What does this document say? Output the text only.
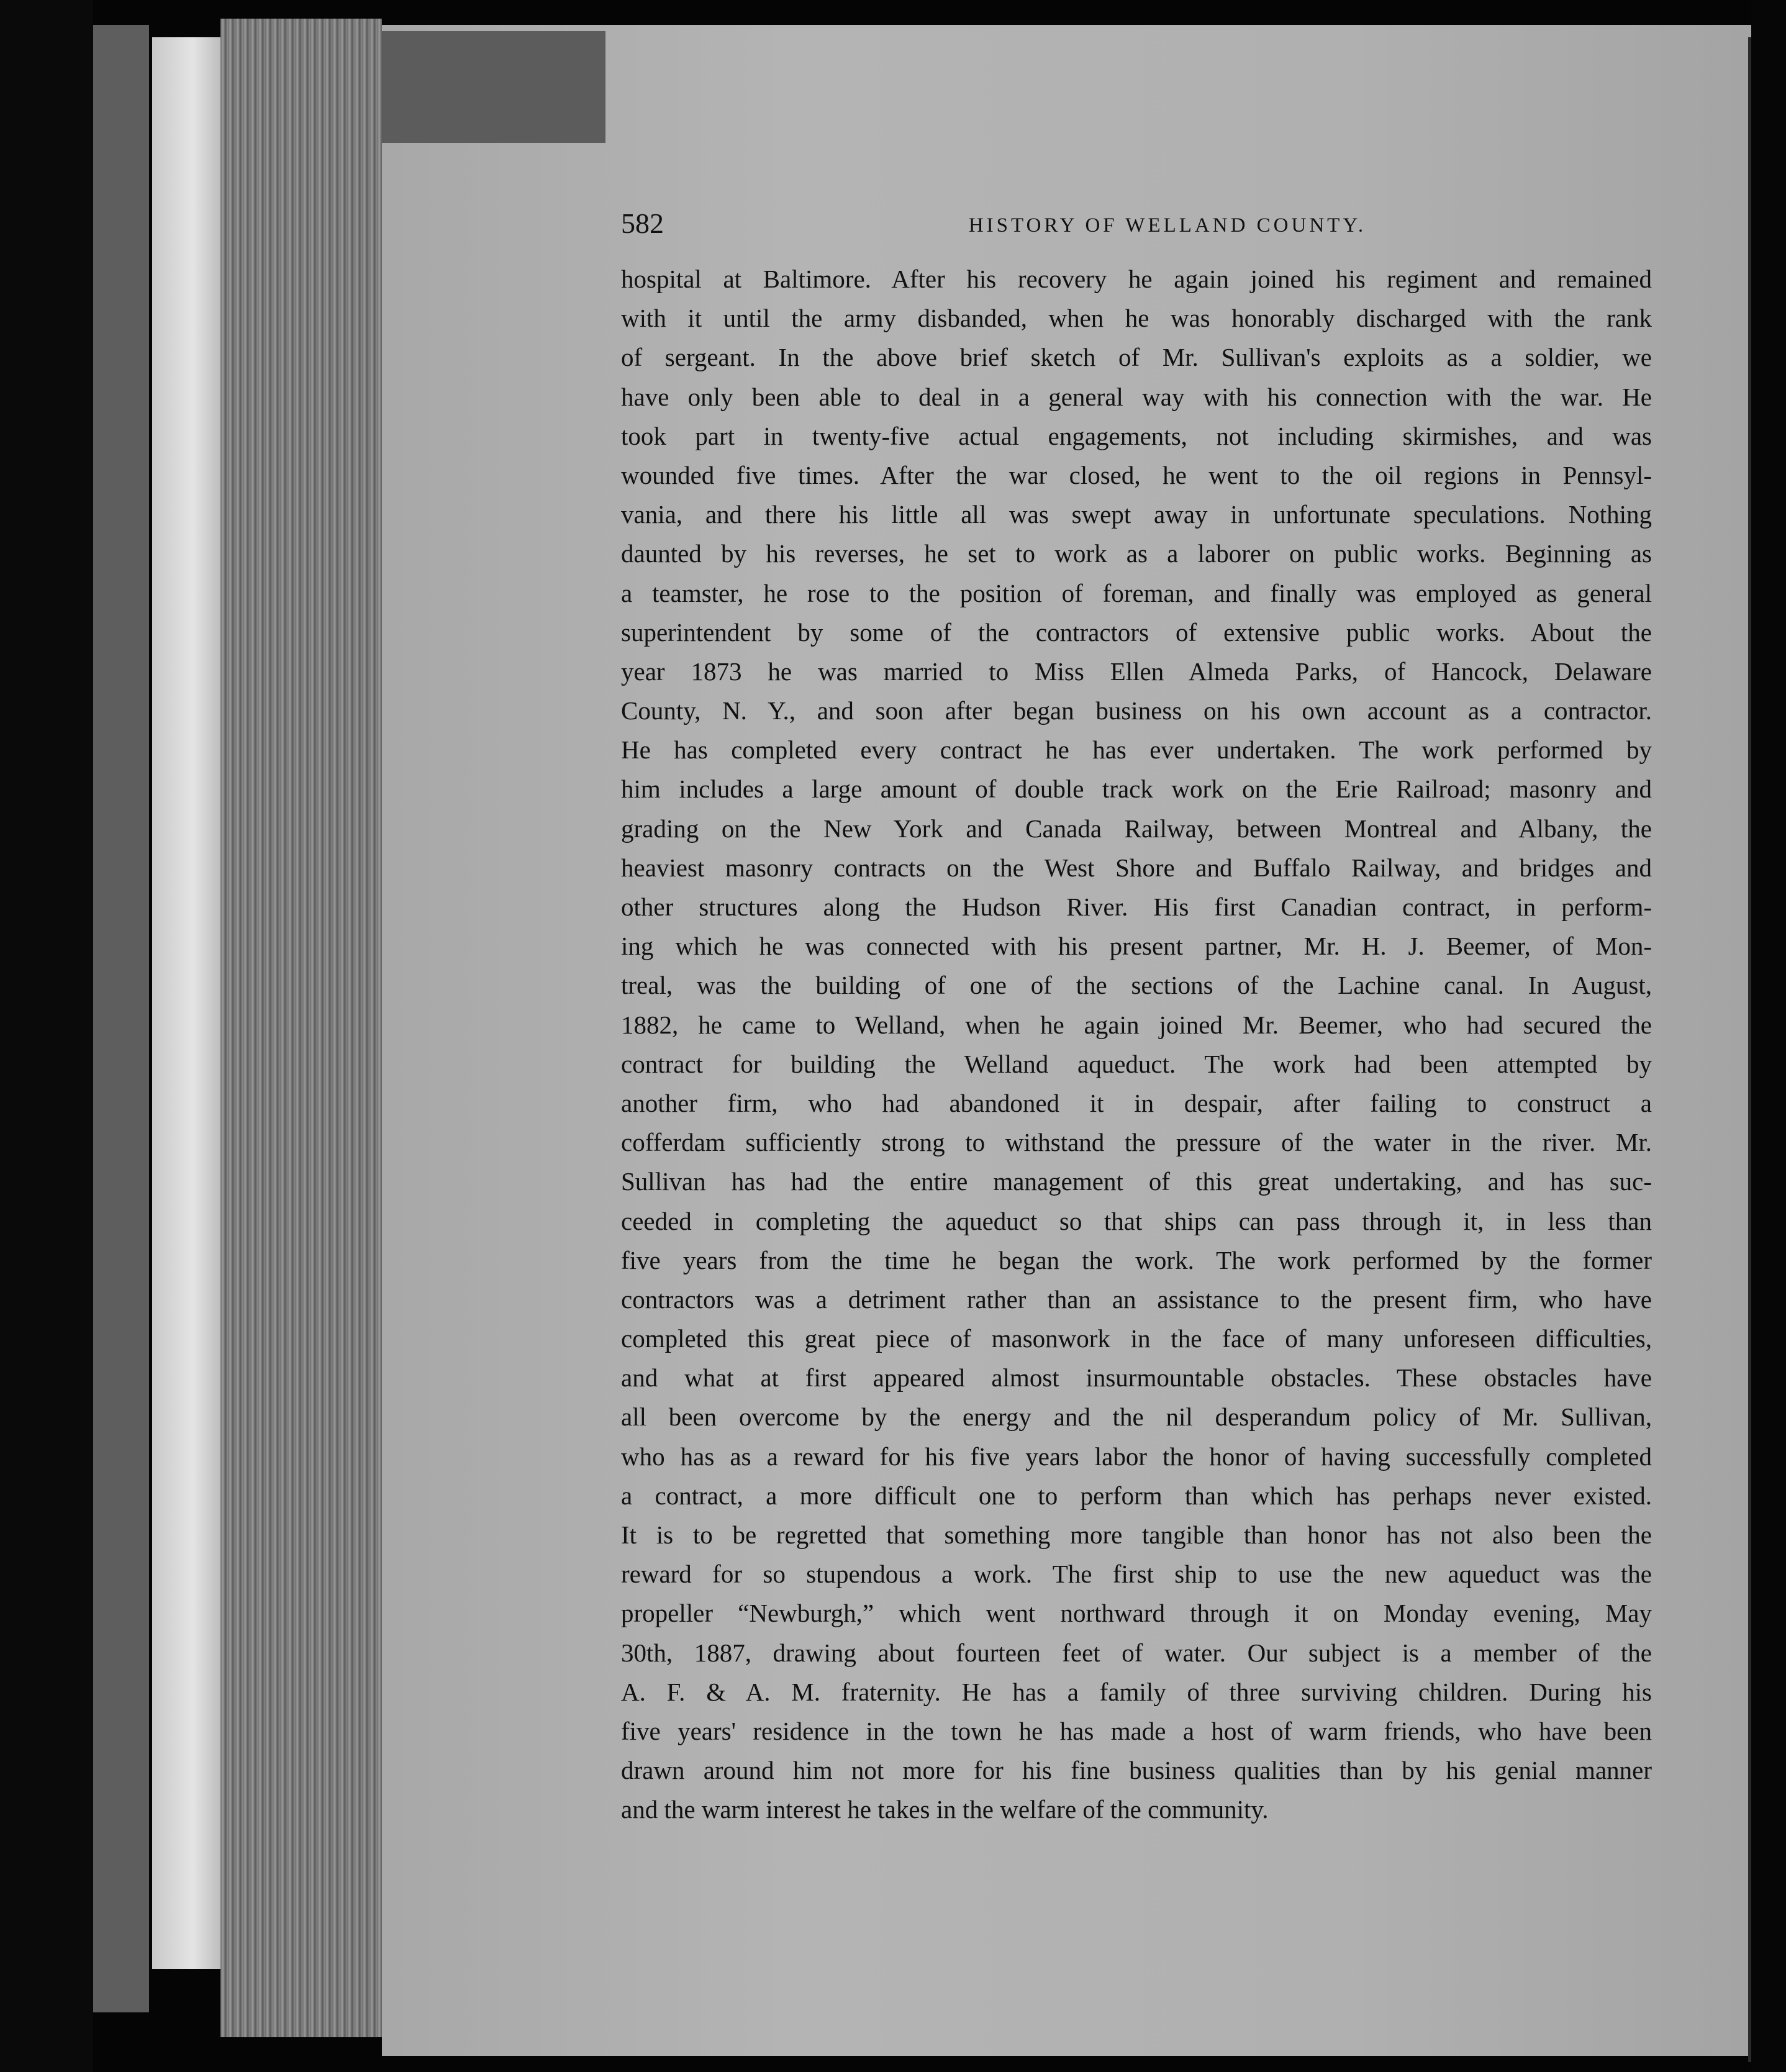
582	HISTORY OF WELLAND COUNTY.
hospital at Baltimore. After his recovery he again joined his regiment and remained
with it until the army disbanded, when he was honorably discharged with the rank
of sergeant. In the above brief sketch of Mr. Sullivan's exploits as a soldier, we
have only been able to deal in a general way with his connection with the war. He
took part in twenty-five actual engagements, not including skirmishes, and was
wounded five times. After the war closed, he went to the oil regions in Pennsyl-
vania, and there his little all was swept away in unfortunate speculations. Nothing
daunted by his reverses, he set to work as a laborer on public works. Beginning as
a teamster, he rose to the position of foreman, and finally was employed as general
superintendent by some of the contractors of extensive public works. About the
year 1873 he was married to Miss Ellen Almeda Parks, of Hancock, Delaware
County, N. Y., and soon after began business on his own account as a contractor.
He has completed every contract he has ever undertaken. The work performed by
him includes a large amount of double track work on the Erie Railroad; masonry and
grading on the New York and Canada Railway, between Montreal and Albany, the
heaviest masonry contracts on the West Shore and Buffalo Railway, and bridges and
other structures along the Hudson River. His first Canadian contract, in perform-
ing which he was connected with his present partner, Mr. H. J. Beemer, of Mon-
treal, was the building of one of the sections of the Lachine canal. In August,
1882, he came to Welland, when he again joined Mr. Beemer, who had secured the
contract for building the Welland aqueduct. The work had been attempted by
another firm, who had abandoned it in despair, after failing to construct a
cofferdam sufficiently strong to withstand the pressure of the water in the river. Mr.
Sullivan has had the entire management of this great undertaking, and has suc-
ceeded in completing the aqueduct so that ships can pass through it, in less than
five years from the time he began the work. The work performed by the former
contractors was a detriment rather than an assistance to the present firm, who have
completed this great piece of masonwork in the face of many unforeseen difficulties,
and what at first appeared almost insurmountable obstacles. These obstacles have
all been overcome by the energy and the nil desperandum policy of Mr. Sullivan,
who has as a reward for his five years labor the honor of having successfully completed
a contract, a more difficult one to perform than which has perhaps never existed.
It is to be regretted that something more tangible than honor has not also been the
reward for so stupendous a work. The first ship to use the new aqueduct was the
propeller “Newburgh,” which went northward through it on Monday evening, May
30th, 1887, drawing about fourteen feet of water. Our subject is a member of the
A. F. & A. M. fraternity. He has a family of three surviving children. During his
five years' residence in the town he has made a host of warm friends, who have been
drawn around him not more for his fine business qualities than by his genial manner
and the warm interest he takes in the welfare of the community.
